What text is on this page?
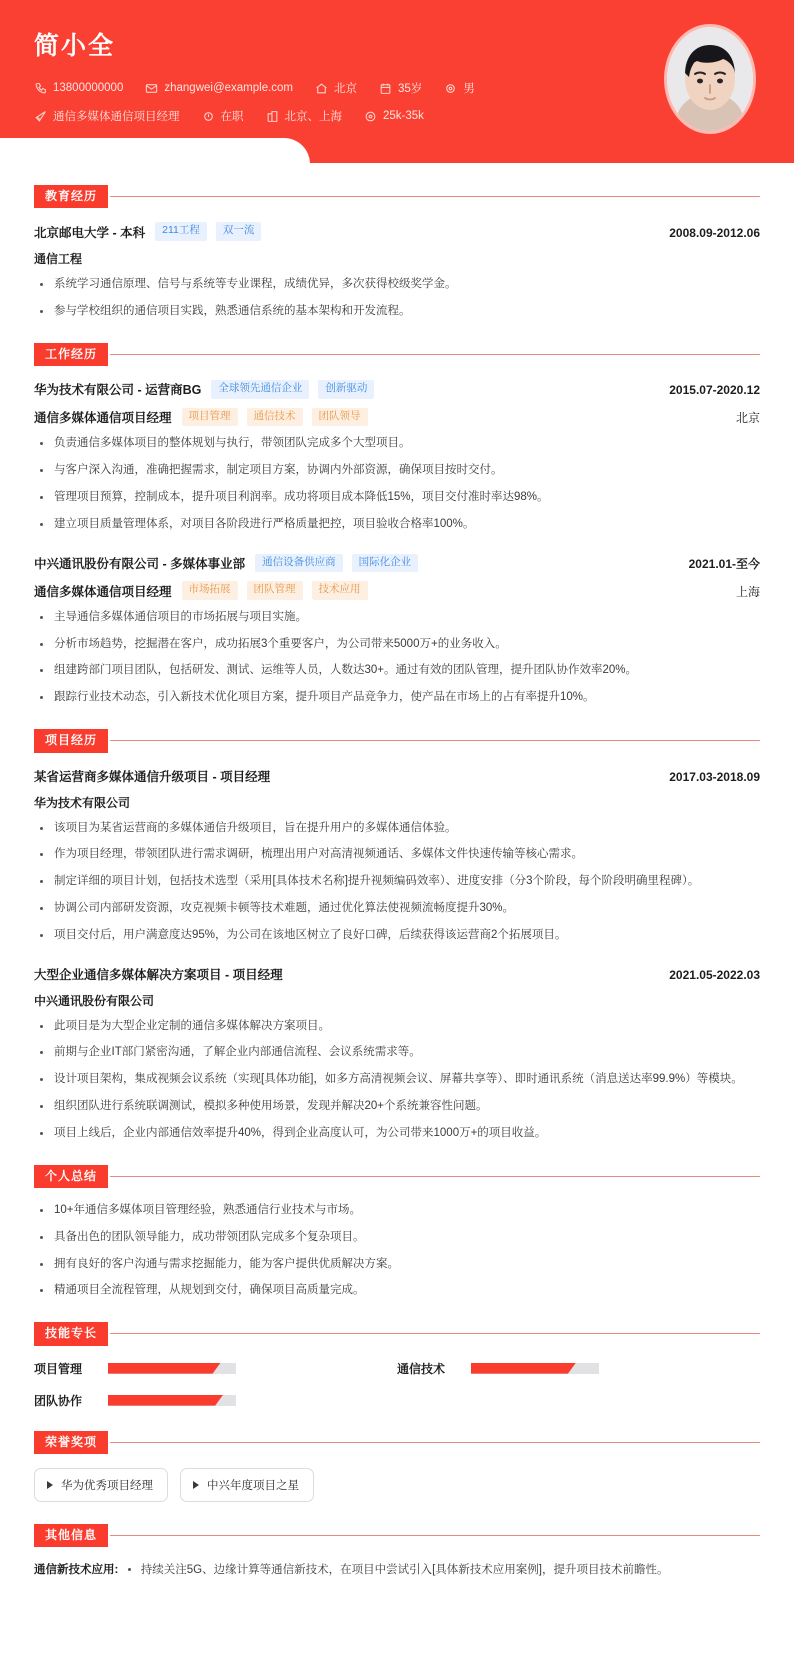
简小全
13800000000	zhangwei@example.com	北京	35岁	男
通信多媒体通信项目经理	在职	北京、上海	25k-35k
教育经历
北京邮电大学 - 本科	211工程	双一流	2008.09-2012.06
通信工程
系统学习通信原理、信号与系统等专业课程，成绩优异，多次获得校级奖学金。
参与学校组织的通信项目实践，熟悉通信系统的基本架构和开发流程。
工作经历
华为技术有限公司 - 运营商BG	全球领先通信企业	创新驱动	2015.07-2020.12
通信多媒体通信项目经理	项目管理	通信技术	团队领导	北京
负责通信多媒体项目的整体规划与执行，带领团队完成多个大型项目。
与客户深入沟通，准确把握需求，制定项目方案，协调内外部资源，确保项目按时交付。
管理项目预算，控制成本，提升项目利润率。成功将项目成本降低15%，项目交付准时率达98%。
建立项目质量管理体系，对项目各阶段进行严格质量把控，项目验收合格率100%。
中兴通讯股份有限公司 - 多媒体事业部	通信设备供应商	国际化企业	2021.01-至今
通信多媒体通信项目经理	市场拓展	团队管理	技术应用	上海
主导通信多媒体通信项目的市场拓展与项目实施。
分析市场趋势，挖掘潜在客户，成功拓展3个重要客户，为公司带来5000万+的业务收入。
组建跨部门项目团队，包括研发、测试、运维等人员，人数达30+。通过有效的团队管理，提升团队协作效率20%。
跟踪行业技术动态，引入新技术优化项目方案，提升项目产品竞争力，使产品在市场上的占有率提升10%。
项目经历
某省运营商多媒体通信升级项目 - 项目经理	2017.03-2018.09
华为技术有限公司
该项目为某省运营商的多媒体通信升级项目，旨在提升用户的多媒体通信体验。
作为项目经理，带领团队进行需求调研，梳理出用户对高清视频通话、多媒体文件快速传输等核心需求。
制定详细的项目计划，包括技术选型（采用[具体技术名称]提升视频编码效率）、进度安排（分3个阶段，每个阶段明确里程碑）。
协调公司内部研发资源，攻克视频卡顿等技术难题，通过优化算法使视频流畅度提升30%。
项目交付后，用户满意度达95%，为公司在该地区树立了良好口碑，后续获得该运营商2个拓展项目。
大型企业通信多媒体解决方案项目 - 项目经理	2021.05-2022.03
中兴通讯股份有限公司
此项目是为大型企业定制的通信多媒体解决方案项目。
前期与企业IT部门紧密沟通，了解企业内部通信流程、会议系统需求等。
设计项目架构，集成视频会议系统（实现[具体功能]，如多方高清视频会议、屏幕共享等）、即时通讯系统（消息送达率99.9%）等模块。
组织团队进行系统联调测试，模拟多种使用场景，发现并解决20+个系统兼容性问题。
项目上线后，企业内部通信效率提升40%，得到企业高度认可，为公司带来1000万+的项目收益。
个人总结
10+年通信多媒体项目管理经验，熟悉通信行业技术与市场。
具备出色的团队领导能力，成功带领团队完成多个复杂项目。
拥有良好的客户沟通与需求挖掘能力，能为客户提供优质解决方案。
精通项目全流程管理，从规划到交付，确保项目高质量完成。
技能专长
项目管理	通信技术
团队协作
荣誉奖项
华为优秀项目经理	中兴年度项目之星
其他信息
通信新技术应用: 持续关注5G、边缘计算等通信新技术，在项目中尝试引入[具体新技术应用案例]，提升项目技术前瞻性。
